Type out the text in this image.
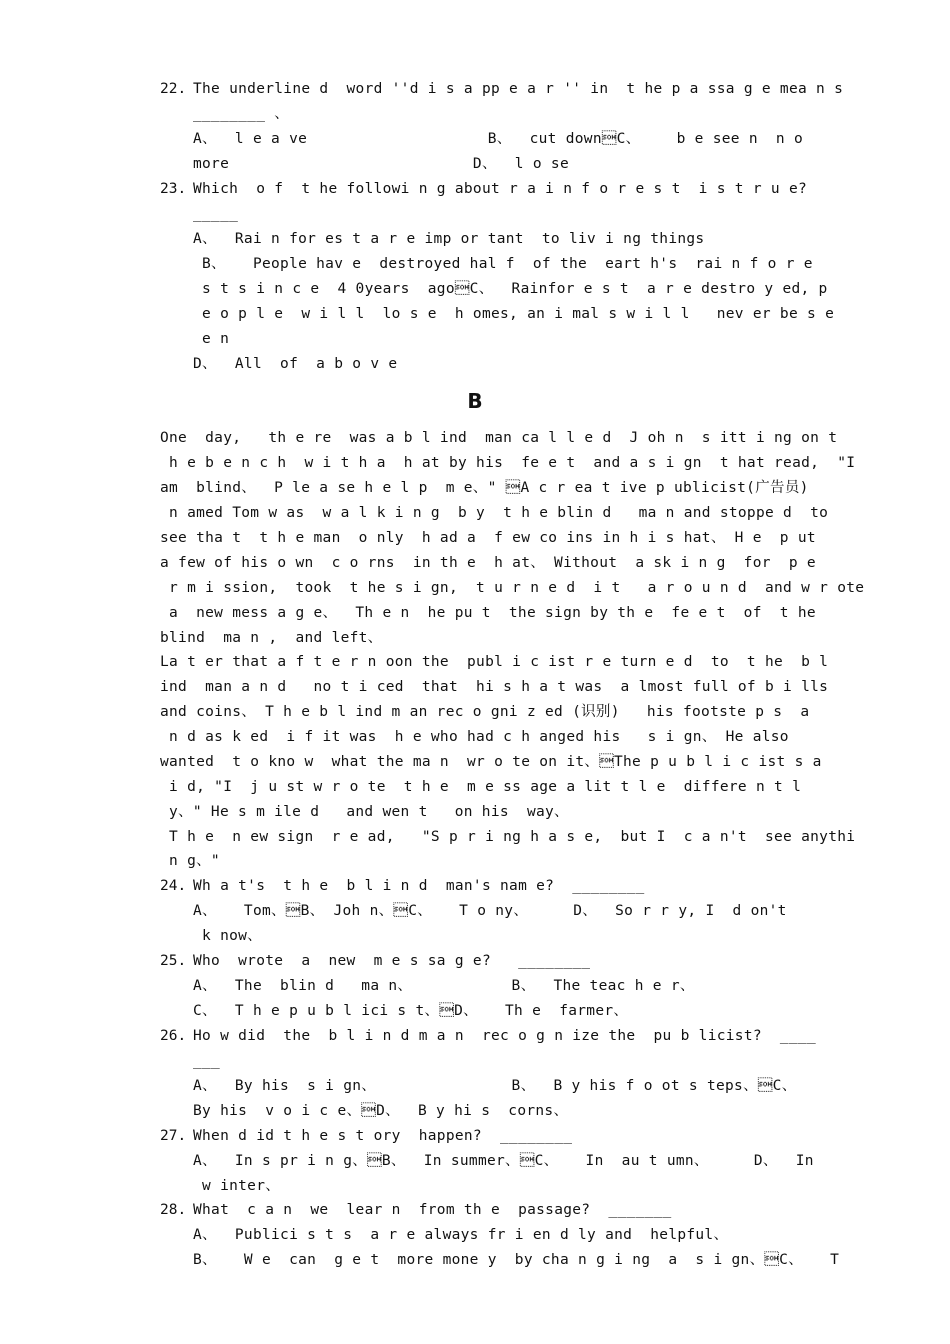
22. The underline d  word ''d i s a pp e a r '' in  t he p a ssa g e mea n s
________ 、
A、  l e a ve                    B、  cut downC、    b e see n  n o
more                           D、  l o se
23. Which  o f  t he followi n g about r a i n f o r e s t  i s t r u e?
_____
A、  Rai n for es t a r e imp or tant  to liv i ng things
B、   People hav e  destroyed hal f  of the  eart h's  rai n f o r e
s t s i n c e  4 0years  agoC、  Rainfor e s t  a r e destro y ed, p
e o p l e  w i l l  lo s e  h omes, an i mal s w i l l   nev er be s e
e n
D、  All  of  a b o v e
B
One  day,   th e re  was a b l ind  man ca l l e d  J oh n  s itt i ng on t
h e b e n c h  w i t h a  h at by his  fe e t  and a s i gn  t hat read,  "I
am  blind、  P le a se h e l p  m e、" A c r ea t ive p ublicist(广告员)
n amed Tom w as  w a l k i n g  b y  t h e blin d   ma n and stoppe d  to
see tha t  t h e man  o nly  h ad a  f ew co ins in h i s hat、 H e  p ut
a few of his o wn  c o rns  in th e  h at、 Without  a sk i n g  for  p e
r m i ssion,  took  t he s i gn,  t u r n e d  i t   a r o u n d  and w r ote
a  new mess a g e、  Th e n  he pu t  the sign by th e  fe e t  of  t he
blind  ma n ,  and left、
La t er that a f t e r n oon the  publ i c ist r e turn e d  to  t he  b l
ind  man a n d   no t i ced  that  hi s h a t was  a lmost full of b i lls
and coins、 T h e b l ind m an rec o gni z ed (识别)   his footste p s  a
n d as k ed  i f it was  h e who had c h anged his   s i gn、 He also
wanted  t o kno w  what the ma n  wr o te on it、The p u b l i c ist s a
i d, "I  j u st w r o te  t h e  m e ss age a lit t l e  differe n t l
y、" He s m ile d   and wen t   on his  way、
T h e  n ew sign  r e ad,   "S p r i ng h a s e,  but I  c a n't  see anythi
n g、"
24. Wh a t's  t h e  b l i n d  man's nam e?  ________
A、   Tom、B、 Joh n、C、   T o ny、     D、  So r r y, I  d on't
k now、
25. Who  wrote  a  new  m e s sa g e?   ________
A、  The  blin d   ma n、           B、  The teac h e r、
C、  T h e p u b l ici s t、D、   Th e  farmer、
26. Ho w did  the  b l i n d m a n  rec o g n ize the  pu b licist?  ____
___
A、  By his  s i gn、               B、  B y his f o ot s teps、C、
By his  v o i c e、D、  B y hi s  corns、
27. When d id t h e s t ory  happen?  ________
A、  In s pr i n g、B、  In summer、C、   In  au t umn、     D、  In
w inter、
28. What  c a n  we  lear n  from th e  passage?  _______
A、  Publici s t s  a r e always fr i en d ly and  helpful、
B、   W e  can  g e t  more mone y  by cha n g i ng  a  s i gn、C、   T
